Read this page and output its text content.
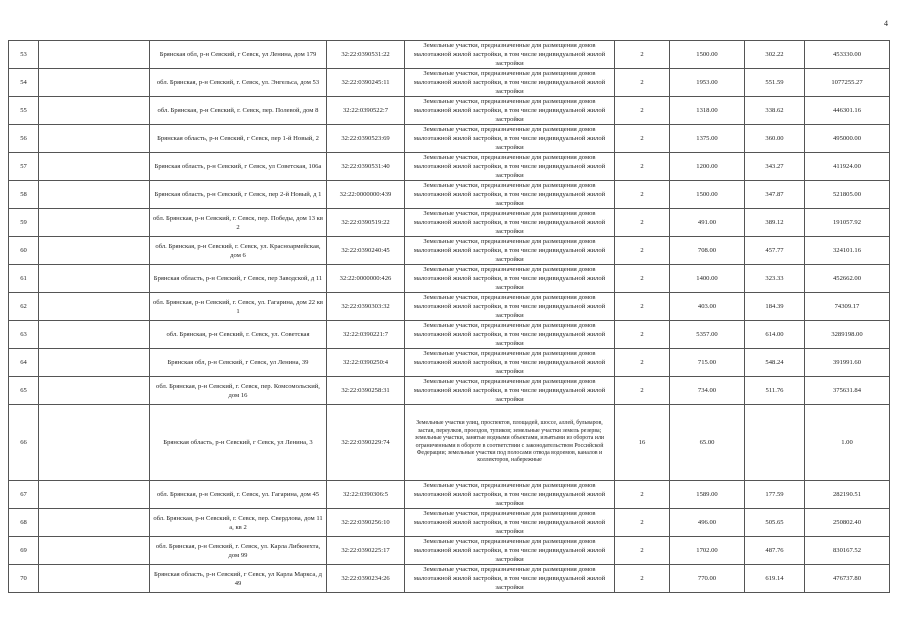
4
53		Брянская обл, р-н Севский, г Севск, ул Ленина, дом 179	32:22:0390531:22	Земельные участки, предназначенные для размещения домов малоэтажной жилой застройки, в том числе индивидуальной жилой застройки	2	1500.00	302.22	453330.00
54		обл. Брянская, р-н Севский, г. Севск, ул. Энгельса, дом 53	32:22:0390245:11	Земельные участки, предназначенные для размещения домов малоэтажной жилой застройки, в том числе индивидуальной жилой застройки	2	1953.00	551.59	1077255.27
55		обл. Брянская, р-н Севский, г. Севск, пер. Полевой, дом 8	32:22:0390522:7	Земельные участки, предназначенные для размещения домов малоэтажной жилой застройки, в том числе индивидуальной жилой застройки	2	1318.00	338.62	446301.16
56		Брянская область, р-н Севский, г Севск, пер 1-й Новый, 2	32:22:0390523:69	Земельные участки, предназначенные для размещения домов малоэтажной жилой застройки, в том числе индивидуальной жилой застройки	2	1375.00	360.00	495000.00
57		Брянская область, р-н Севский, г Севск, ул Советская, 106а	32:22:0390531:40	Земельные участки, предназначенные для размещения домов малоэтажной жилой застройки, в том числе индивидуальной жилой застройки	2	1200.00	343.27	411924.00
58		Брянская область, р-н Севский, г Севск, пер 2-й Новый, д 1	32:22:0000000:439	Земельные участки, предназначенные для размещения домов малоэтажной жилой застройки, в том числе индивидуальной жилой застройки	2	1500.00	347.87	521805.00
59		обл. Брянская, р-н Севский, г. Севск, пер. Победы, дом 13 кв 2	32:22:0390519:22	Земельные участки, предназначенные для размещения домов малоэтажной жилой застройки, в том числе индивидуальной жилой застройки	2	491.00	389.12	191057.92
60		обл. Брянская, р-н Севский, г. Севск, ул. Красноармейская, дом 6	32:22:0390240:45	Земельные участки, предназначенные для размещения домов малоэтажной жилой застройки, в том числе индивидуальной жилой застройки	2	708.00	457.77	324101.16
61		Брянская область, р-н Севский, г Севск, пер Заводской, д 11	32:22:0000000:426	Земельные участки, предназначенные для размещения домов малоэтажной жилой застройки, в том числе индивидуальной жилой застройки	2	1400.00	323.33	452662.00
62		обл. Брянская, р-н Севский, г. Севск, ул. Гагарина, дом 22 кв 1	32:22:0390303:32	Земельные участки, предназначенные для размещения домов малоэтажной жилой застройки, в том числе индивидуальной жилой застройки	2	403.00	184.39	74309.17
63		обл. Брянская, р-н Севский, г. Севск, ул. Советская	32:22:0390221:7	Земельные участки, предназначенные для размещения домов малоэтажной жилой застройки, в том числе индивидуальной жилой застройки	2	5357.00	614.00	3289198.00
64		Брянская обл, р-н Севский, г Севск, ул Ленина, 39	32:22:0390250:4	Земельные участки, предназначенные для размещения домов малоэтажной жилой застройки, в том числе индивидуальной жилой застройки	2	715.00	548.24	391991.60
65		обл. Брянская, р-н Севский, г. Севск, пер. Комсомольский, дом 16	32:22:0390258:31	Земельные участки, предназначенные для размещения домов малоэтажной жилой застройки, в том числе индивидуальной жилой застройки	2	734.00	511.76	375631.84
66		Брянская область, р-н Севский, г Севск, ул Ленина, 3	32:22:0390229:74	Земельные участки улиц, проспектов, площадей, шоссе, аллей, бульваров, застав, переулков, проездов, тупиков; земельные участки земель резерва; земельные участки, занятые водными объектами, изъятыми из оборота или ограниченными в обороте в соответствии с законодательством Российской Федерации; земельные участки под полосами отвода водоемов, каналов и коллекторов, набережные	16	65.00		1.00
67		обл. Брянская, р-н Севский, г. Севск, ул. Гагарина, дом 45	32:22:0390306:5	Земельные участки, предназначенные для размещения домов малоэтажной жилой застройки, в том числе индивидуальной жилой застройки	2	1589.00	177.59	282190.51
68		обл. Брянская, р-н Севский, г. Севск, пер. Свердлова, дом 11 а, кв 2	32:22:0390256:10	Земельные участки, предназначенные для размещения домов малоэтажной жилой застройки, в том числе индивидуальной жилой застройки	2	496.00	505.65	250802.40
69		обл. Брянская, р-н Севский, г. Севск, ул. Карла Либкнехта, дом 99	32:22:0390225:17	Земельные участки, предназначенные для размещения домов малоэтажной жилой застройки, в том числе индивидуальной жилой застройки	2	1702.00	487.76	830167.52
70		Брянская область, р-н Севский, г Севск, ул Карла Маркса, д 49	32:22:0390234:26	Земельные участки, предназначенные для размещения домов малоэтажной жилой застройки, в том числе индивидуальной жилой застройки	2	770.00	619.14	476737.80
